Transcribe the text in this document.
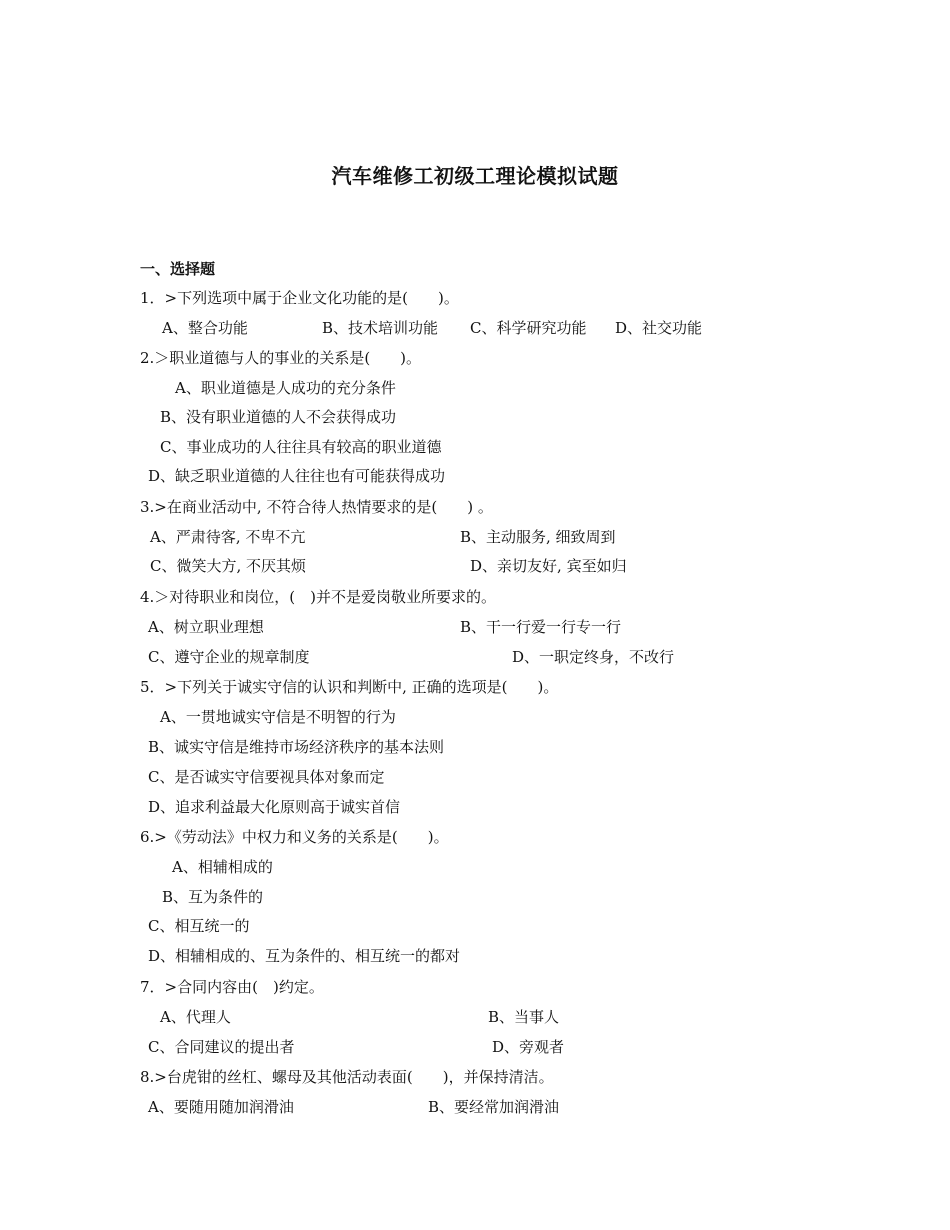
汽车维修工初级工理论模拟试题
一、选择题
1．>下列选项中属于企业文化功能的是(　　)。
A、整合功能	B、技术培训功能 C、科学研究功能 D、社交功能
2.＞职业道德与人的事业的关系是(　　)。
A、职业道德是人成功的充分条件
B、没有职业道德的人不会获得成功
C、事业成功的人往往具有较高的职业道德
D、缺乏职业道德的人往往也有可能获得成功
3.>在商业活动中, 不符合待人热情要求的是(　　) 。
A、严肃待客, 不卑不亢	B、主动服务, 细致周到
C、微笑大方, 不厌其烦	D、亲切友好, 宾至如归
4.＞对待职业和岗位，(　)并不是爱岗敬业所要求的。
A、树立职业理想	B、干一行爱一行专一行
C、遵守企业的规章制度	D、一职定终身，不改行
5．>下列关于诚实守信的认识和判断中, 正确的选项是(　　)。
A、一贯地诚实守信是不明智的行为
B、诚实守信是维持市场经济秩序的基本法则
C、是否诚实守信要视具体对象而定
D、追求利益最大化原则高于诚实首信
6.>《劳动法》中权力和义务的关系是(　　)。
A、相辅相成的
B、互为条件的
C、相互统一的
D、相辅相成的、互为条件的、相互统一的都对
7．>合同内容由(　)约定。
A、代理人	B、当事人
C、合同建议的提出者	D、旁观者
8.>台虎钳的丝杠、螺母及其他活动表面(　　)，并保持清洁。
A、要随用随加润滑油	B、要经常加润滑油
